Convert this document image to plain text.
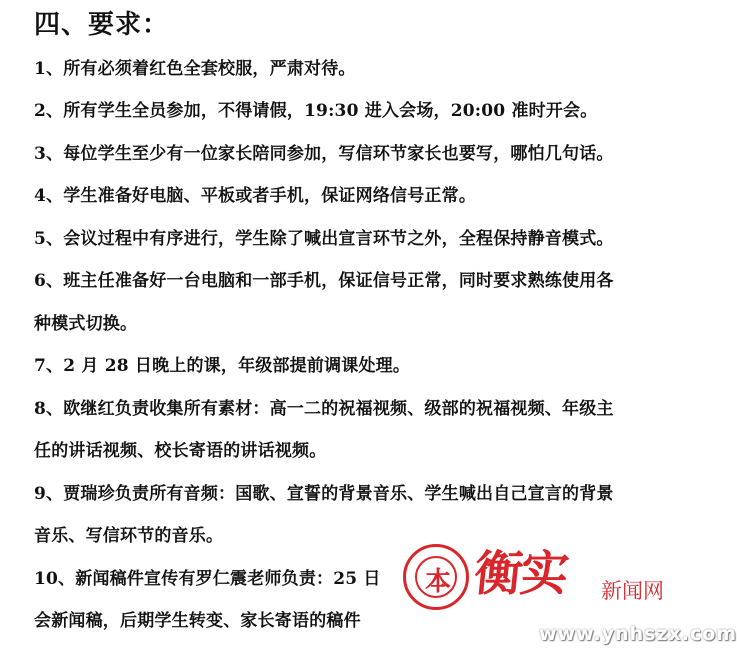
四、要求：
1、所有必须着红色全套校服，严肃对待。
2、所有学生全员参加，不得请假，19:30 进入会场，20:00 准时开会。
3、每位学生至少有一位家长陪同参加，写信环节家长也要写，哪怕几句话。
4、学生准备好电脑、平板或者手机，保证网络信号正常。
5、会议过程中有序进行，学生除了喊出宣言环节之外，全程保持静音模式。
6、班主任准备好一台电脑和一部手机，保证信号正常，同时要求熟练使用各
种模式切换。
7、2 月 28 日晚上的课，年级部提前调课处理。
8、欧继红负责收集所有素材：高一二的祝福视频、级部的祝福视频、年级主
任的讲话视频、校长寄语的讲话视频。
9、贾瑞珍负责所有音频：国歌、宣誓的背景音乐、学生喊出自己宣言的背景
音乐、写信环节的音乐。
10、新闻稿件宣传有罗仁震老师负责：25 日
会新闻稿，后期学生转变、家长寄语的稿件
本 衡实 新闻网
www.ynhszx.com
